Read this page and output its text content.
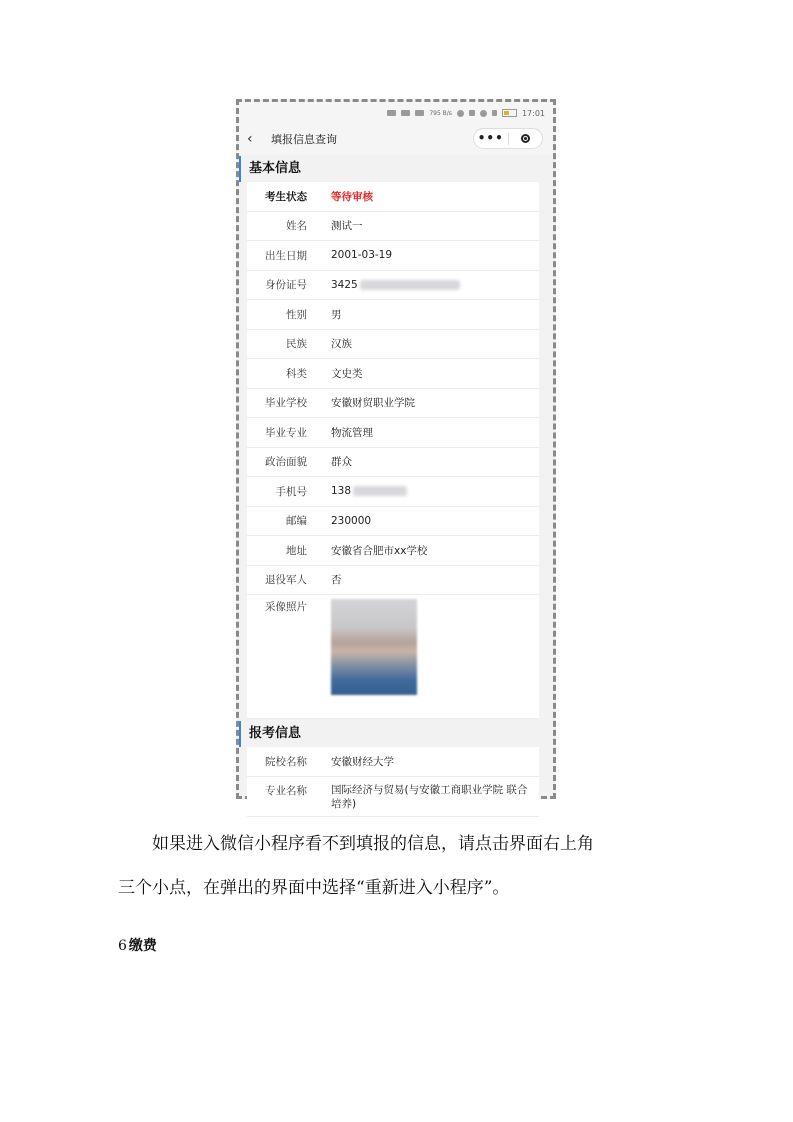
795 B/s	17:01
‹	填报信息查询	•••
基本信息
考生状态	等待审核
姓名	测试一
出生日期	2001-03-19
身份证号	3425
性别	男
民族	汉族
科类	文史类
毕业学校	安徽财贸职业学院
毕业专业	物流管理
政治面貌	群众
手机号	138
邮编	230000
地址	安徽省合肥市xx学校
退役军人	否
采像照片
报考信息
院校名称	安徽财经大学
专业名称	国际经济与贸易(与安徽工商职业学院 联合培养)
如果进入微信小程序看不到填报的信息，请点击界面右上角
三个小点，在弹出的界面中选择“重新进入小程序”。
6 缴费
